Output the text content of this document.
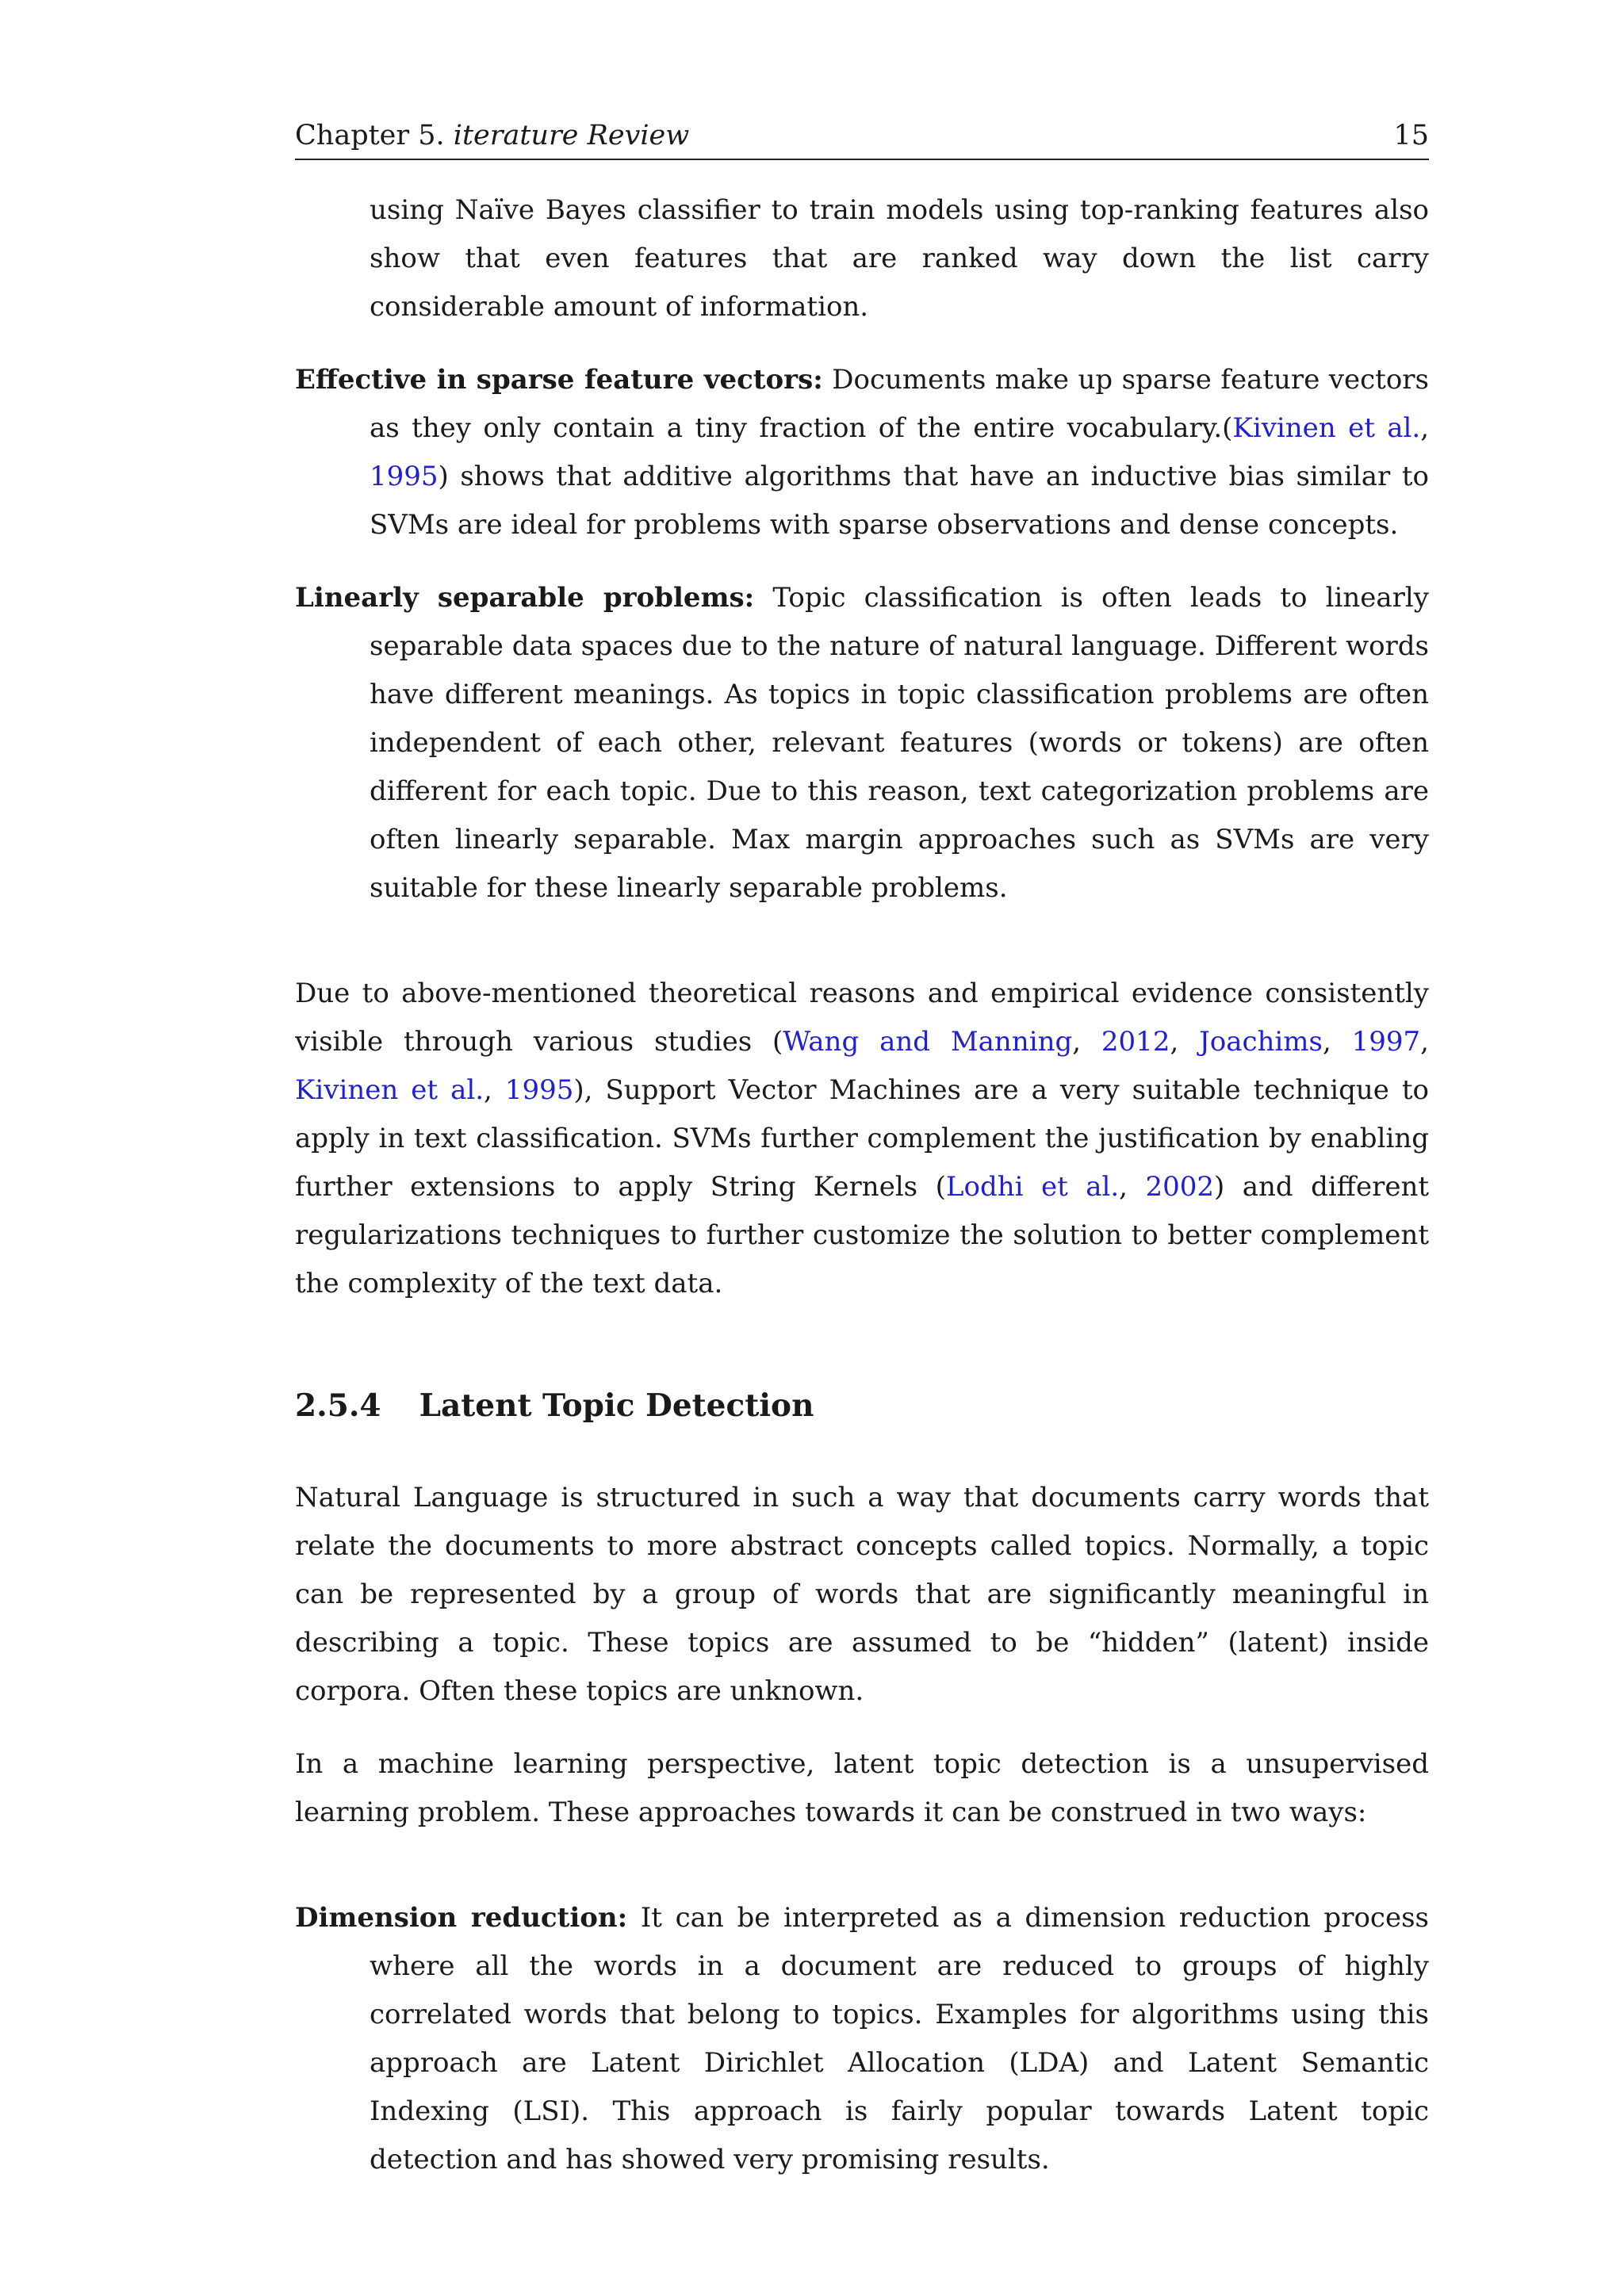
Chapter 5. iterature Review	15

using Naïve Bayes classifier to train models using top-ranking features also show that even features that are ranked way down the list carry considerable amount of information.

Effective in sparse feature vectors: Documents make up sparse feature vectors as they only contain a tiny fraction of the entire vocabulary.(Kivinen et al., 1995) shows that additive algorithms that have an inductive bias similar to SVMs are ideal for problems with sparse observations and dense concepts.

Linearly separable problems: Topic classification is often leads to linearly separable data spaces due to the nature of natural language. Different words have different meanings. As topics in topic classification problems are often independent of each other, relevant features (words or tokens) are often different for each topic. Due to this reason, text categorization problems are often linearly separable. Max margin approaches such as SVMs are very suitable for these linearly separable problems.

Due to above-mentioned theoretical reasons and empirical evidence consistently visible through various studies (Wang and Manning, 2012, Joachims, 1997, Kivinen et al., 1995), Support Vector Machines are a very suitable technique to apply in text classification. SVMs further complement the justification by enabling further extensions to apply String Kernels (Lodhi et al., 2002) and different regularizations techniques to further customize the solution to better complement the complexity of the text data.

2.5.4 Latent Topic Detection

Natural Language is structured in such a way that documents carry words that relate the documents to more abstract concepts called topics. Normally, a topic can be represented by a group of words that are significantly meaningful in describing a topic. These topics are assumed to be “hidden” (latent) inside corpora. Often these topics are unknown.

In a machine learning perspective, latent topic detection is a unsupervised learning problem. These approaches towards it can be construed in two ways:

Dimension reduction: It can be interpreted as a dimension reduction process where all the words in a document are reduced to groups of highly correlated words that belong to topics. Examples for algorithms using this approach are Latent Dirichlet Allocation (LDA) and Latent Semantic Indexing (LSI). This approach is fairly popular towards Latent topic detection and has showed very promising results.
